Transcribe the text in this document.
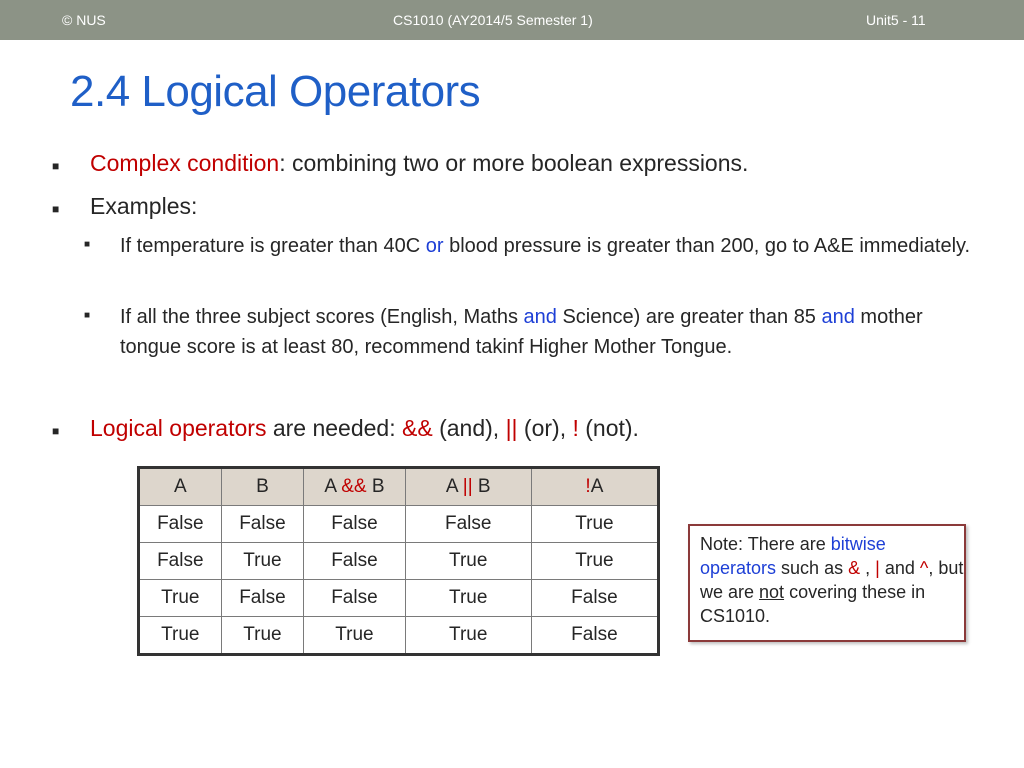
© NUS	CS1010 (AY2014/5 Semester 1)	Unit5 - 11
2.4 Logical Operators
■ Complex condition: combining two or more boolean expressions.
■ Examples:
■ If temperature is greater than 40C or blood pressure is greater than 200, go to A&E immediately.
■ If all the three subject scores (English, Maths and Science) are greater than 85 and mother tongue score is at least 80, recommend takinf Higher Mother Tongue.
■ Logical operators are needed: && (and), || (or), ! (not).
A	B	A && B	A || B	!A
False	False	False	False	True
False	True	False	True	True
True	False	False	True	False
True	True	True	True	False
Note: There are bitwise operators such as & , | and ^, but we are not covering these in CS1010.
